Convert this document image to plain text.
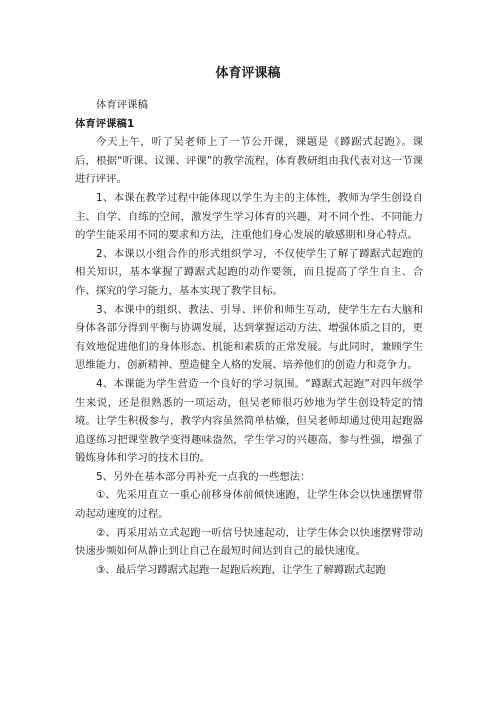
体育评课稿

体育评课稿

体育评课稿1

今天上午，听了吴老师上了一节公开课，课题是《蹲踞式起跑》。课后，根据“听课、议课、评课”的教学流程，体育教研组由我代表对这一节课进行评评。

1、本课在教学过程中能体现以学生为主的主体性，教师为学生创设自主、自学、自练的空间，激发学生学习体育的兴趣，对不同个性、不同能力的学生能采用不同的要求和方法，注重他们身心发展的敏感期和身心特点。

2、本课以小组合作的形式组织学习，不仅使学生了解了蹲踞式起跑的相关知识，基本掌握了蹲踞式起跑的动作要领，而且提高了学生自主、合作、探究的学习能力，基本实现了教学目标。

3、本课中的组织、教法、引导、评价和师生互动，使学生左右大脑和身体各部分得到平衡与协调发展，达到掌握运动方法、增强体质之目的，更有效地促进他们的身体形态、机能和素质的正常发展。与此同时，兼顾学生思维能力、创新精神、塑造健全人格的发展、培养他们的创造力和竞争力。

4、本课能为学生营造一个良好的学习氛围。“蹲踞式起跑”对四年级学生来说，还是很熟悉的一项运动，但吴老师很巧妙地为学生创设特定的情境。让学生积极参与，教学内容虽然简单枯燥，但吴老师却通过使用起跑器追逐练习把课堂教学变得趣味盎然，学生学习的兴趣高，参与性强，增强了锻炼身体和学习的技术目的。

5、另外在基本部分再补充一点我的一些想法：

①、先采用直立一重心前移身体前倾快速跑，让学生体会以快速摆臂带动起动速度的过程。

②、再采用站立式起跑一听信号快速起动，让学生体会以快速摆臂带动快速步频如何从静止到让自己在最短时间达到自己的最快速度。

③、最后学习蹲踞式起跑一起跑后疾跑，让学生了解蹲踞式起跑
